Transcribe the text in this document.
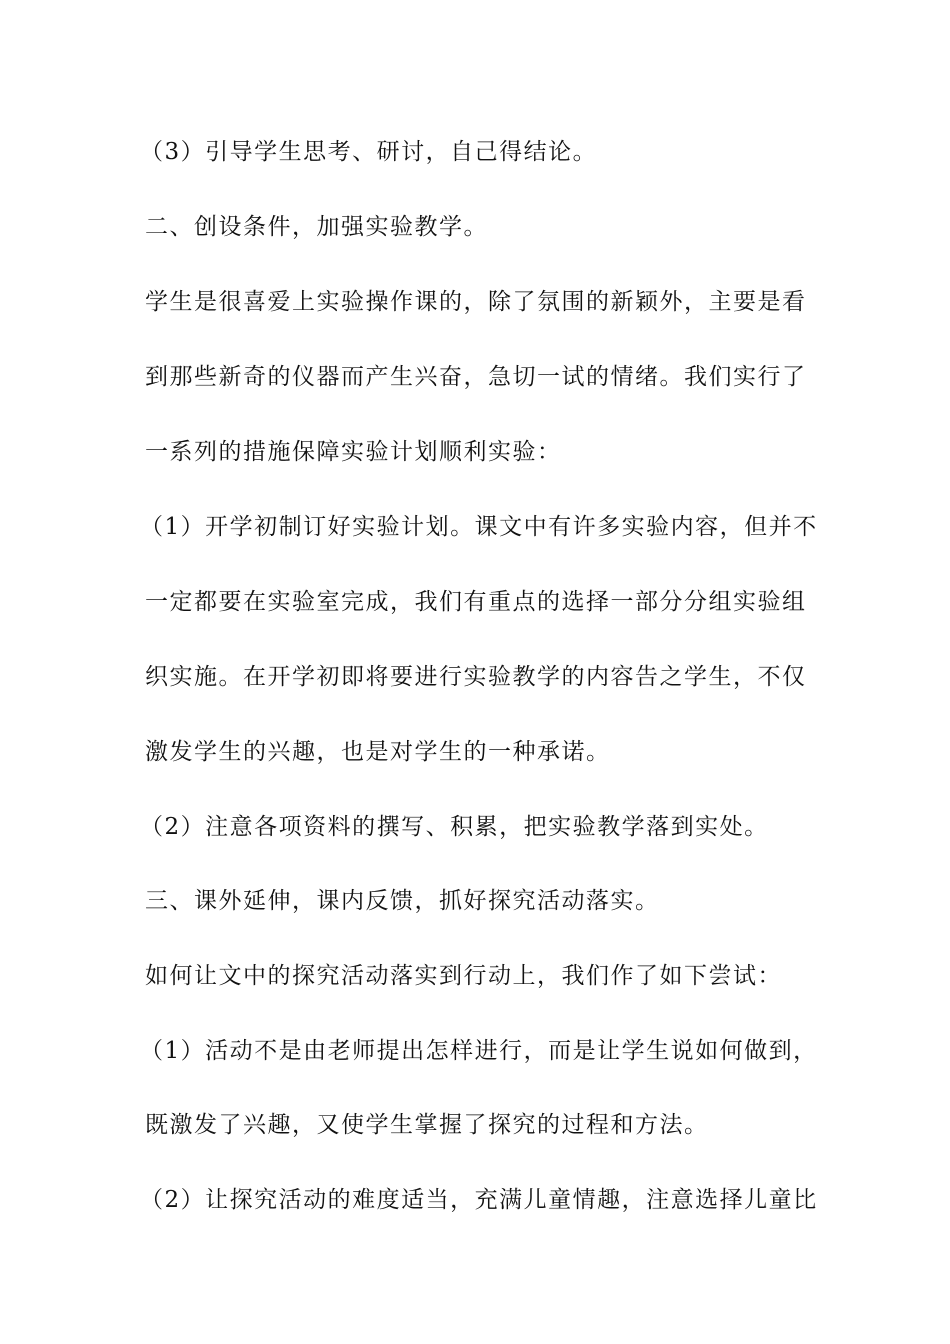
（3）引导学生思考、研讨，自己得结论。
二、创设条件，加强实验教学。
学生是很喜爱上实验操作课的，除了氛围的新颖外，主要是看
到那些新奇的仪器而产生兴奋，急切一试的情绪。我们实行了
一系列的措施保障实验计划顺利实验：
（1）开学初制订好实验计划。课文中有许多实验内容，但并不
一定都要在实验室完成，我们有重点的选择一部分分组实验组
织实施。在开学初即将要进行实验教学的内容告之学生，不仅
激发学生的兴趣，也是对学生的一种承诺。
（2）注意各项资料的撰写、积累，把实验教学落到实处。
三、课外延伸，课内反馈，抓好探究活动落实。
如何让文中的探究活动落实到行动上，我们作了如下尝试：
（1）活动不是由老师提出怎样进行，而是让学生说如何做到，
既激发了兴趣，又使学生掌握了探究的过程和方法。
（2）让探究活动的难度适当，充满儿童情趣，注意选择儿童比
